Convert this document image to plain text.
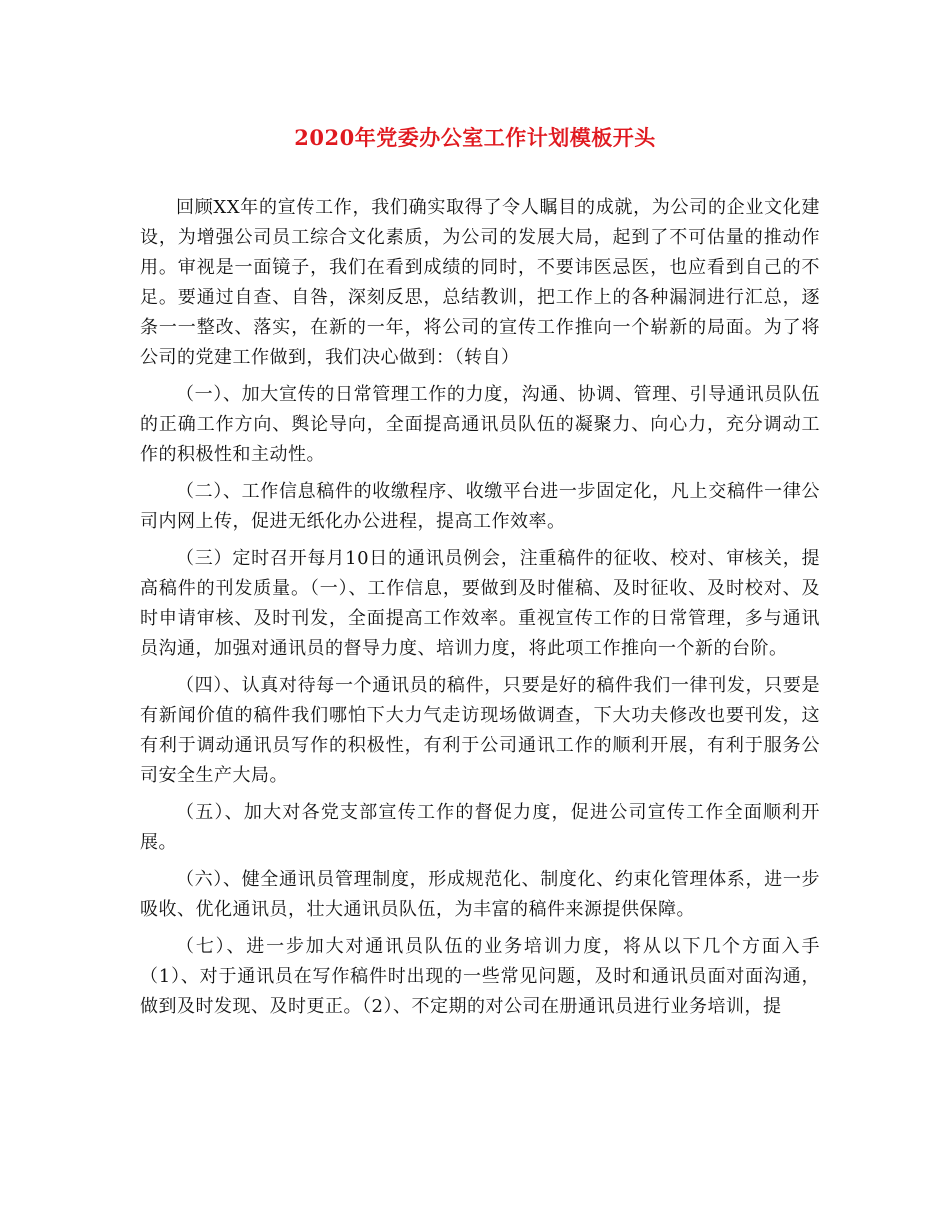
2020年党委办公室工作计划模板开头

回顾XX年的宣传工作，我们确实取得了令人瞩目的成就，为公司的企业文化建设，为增强公司员工综合文化素质，为公司的发展大局，起到了不可估量的推动作用。审视是一面镜子，我们在看到成绩的同时，不要讳医忌医，也应看到自己的不足。要通过自查、自咎，深刻反思，总结教训，把工作上的各种漏洞进行汇总，逐条一一整改、落实，在新的一年，将公司的宣传工作推向一个崭新的局面。为了将公司的党建工作做到，我们决心做到：（转自）

（一）、加大宣传的日常管理工作的力度，沟通、协调、管理、引导通讯员队伍的正确工作方向、舆论导向，全面提高通讯员队伍的凝聚力、向心力，充分调动工作的积极性和主动性。

（二）、工作信息稿件的收缴程序、收缴平台进一步固定化，凡上交稿件一律公司内网上传，促进无纸化办公进程，提高工作效率。

（三）定时召开每月10日的通讯员例会，注重稿件的征收、校对、审核关，提高稿件的刊发质量。（一）、工作信息，要做到及时催稿、及时征收、及时校对、及时申请审核、及时刊发，全面提高工作效率。重视宣传工作的日常管理，多与通讯员沟通，加强对通讯员的督导力度、培训力度，将此项工作推向一个新的台阶。

（四）、认真对待每一个通讯员的稿件，只要是好的稿件我们一律刊发，只要是有新闻价值的稿件我们哪怕下大力气走访现场做调查，下大功夫修改也要刊发，这有利于调动通讯员写作的积极性，有利于公司通讯工作的顺利开展，有利于服务公司安全生产大局。

（五）、加大对各党支部宣传工作的督促力度，促进公司宣传工作全面顺利开展。

（六）、健全通讯员管理制度，形成规范化、制度化、约束化管理体系，进一步吸收、优化通讯员，壮大通讯员队伍，为丰富的稿件来源提供保障。

（七）、进一步加大对通讯员队伍的业务培训力度，将从以下几个方面入手（1）、对于通讯员在写作稿件时出现的一些常见问题，及时和通讯员面对面沟通，做到及时发现、及时更正。（2）、不定期的对公司在册通讯员进行业务培训，提
